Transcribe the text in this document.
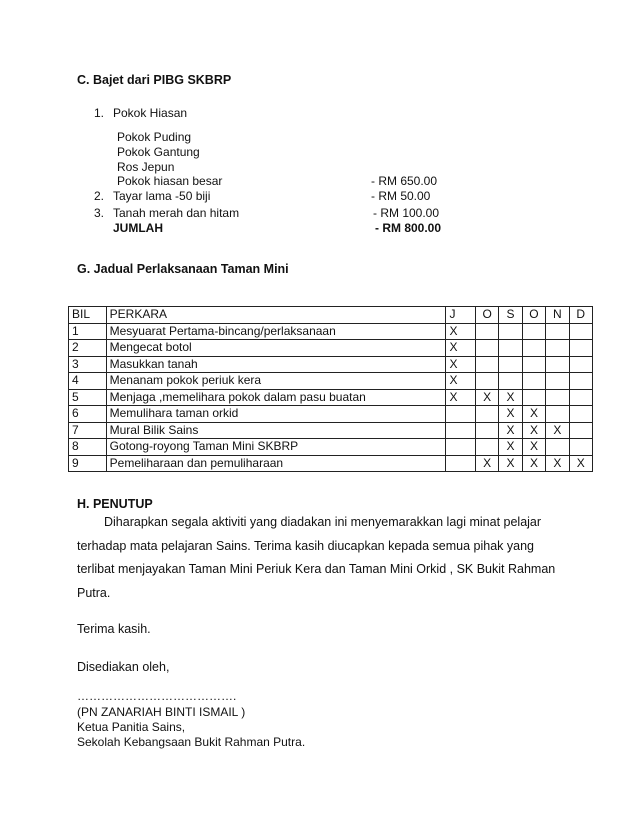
C. Bajet dari PIBG SKBRP
1. Pokok Hiasan
Pokok Puding
Pokok Gantung
Ros Jepun
Pokok hiasan besar	- RM 650.00
2. Tayar lama -50 biji	- RM 50.00
3. Tanah merah dan hitam	- RM 100.00
JUMLAH	- RM 800.00
G. Jadual Perlaksanaan Taman Mini
BIL	PERKARA	J	O	S	O	N	D
1	Mesyuarat Pertama-bincang/perlaksanaan	X					
2	Mengecat botol	X					
3	Masukkan tanah	X					
4	Menanam pokok periuk kera	X					
5	Menjaga ,memelihara pokok dalam pasu buatan	X	X	X			
6	Memulihara taman orkid			X	X		
7	Mural Bilik Sains			X	X	X	
8	Gotong-royong Taman Mini SKBRP			X	X		
9	Pemeliharaan dan pemuliharaan		X	X	X	X	X
H. PENUTUP
Diharapkan segala aktiviti yang diadakan ini menyemarakkan lagi minat pelajar
terhadap mata pelajaran Sains. Terima kasih diucapkan kepada semua pihak yang
terlibat menjayakan Taman Mini Periuk Kera dan Taman Mini Orkid , SK Bukit Rahman
Putra.
Terima kasih.
Disediakan oleh,
………………………………….
(PN ZANARIAH BINTI ISMAIL )
Ketua Panitia Sains,
Sekolah Kebangsaan Bukit Rahman Putra.
